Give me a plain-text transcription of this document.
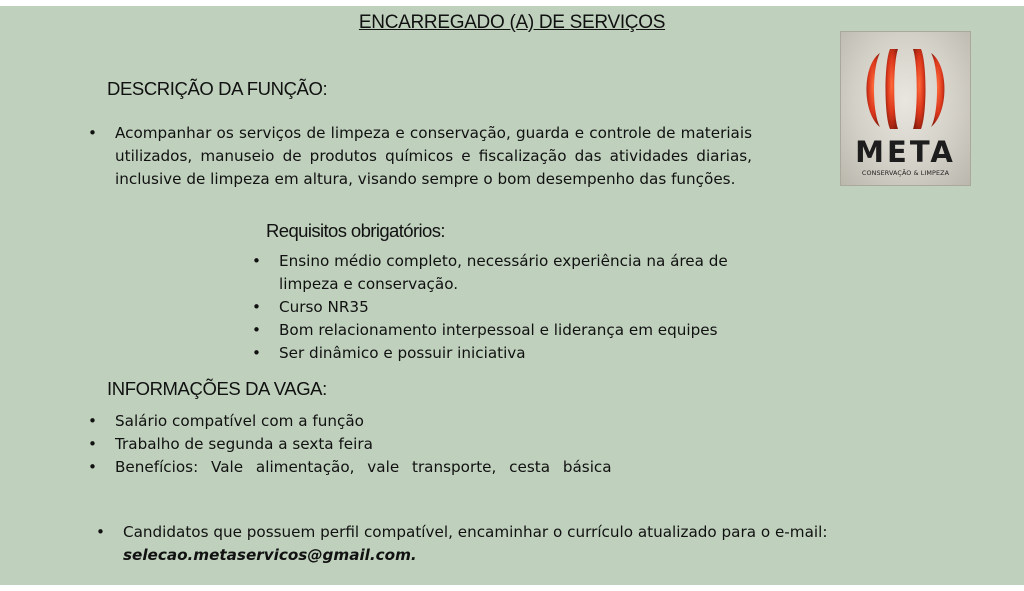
ENCARREGADO (A) DE SERVIÇOS
META
CONSERVAÇÃO & LIMPEZA
DESCRIÇÃO DA FUNÇÃO:
• Acompanhar os serviços de limpeza e conservação, guarda e controle de materiais utilizados, manuseio de produtos químicos e fiscalização das atividades diarias, inclusive de limpeza em altura, visando sempre o bom desempenho das funções.
Requisitos obrigatórios:
• Ensino médio completo, necessário experiência na área de limpeza e conservação.
• Curso NR35
• Bom relacionamento interpessoal e liderança em equipes
• Ser dinâmico e possuir iniciativa
INFORMAÇÕES DA VAGA:
• Salário compatível com a função
• Trabalho de segunda a sexta feira
• Benefícios: Vale alimentação, vale transporte, cesta básica
• Candidatos que possuem perfil compatível, encaminhar o currículo atualizado para o e-mail:
selecao.metaservicos@gmail.com.
